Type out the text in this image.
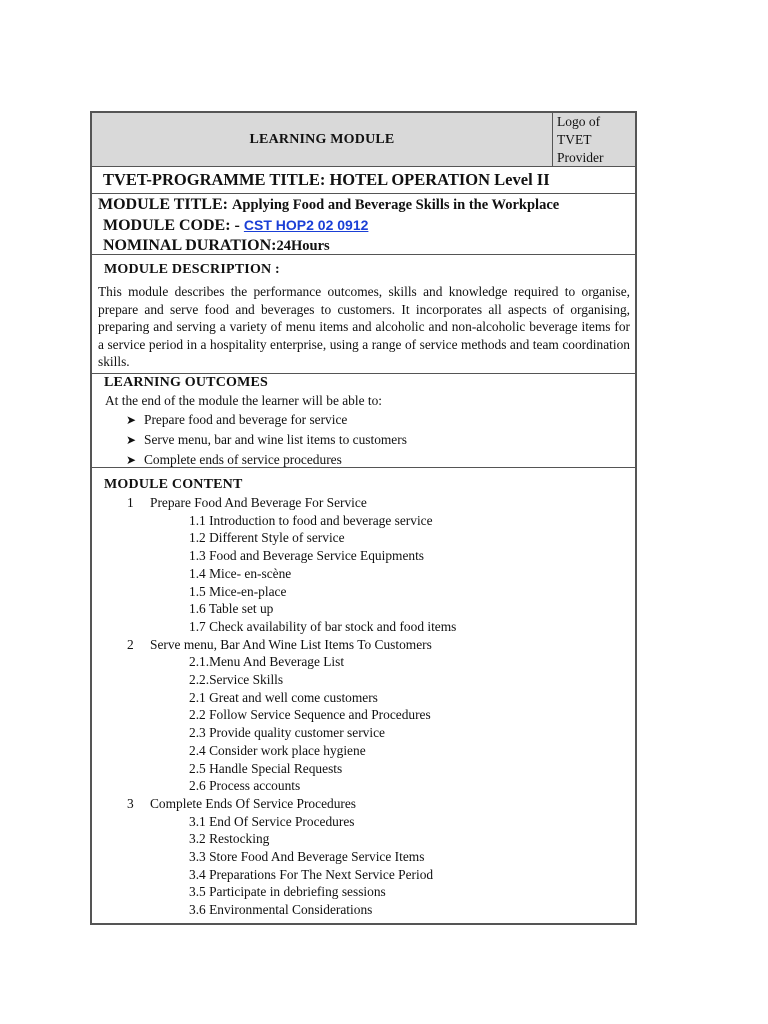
LEARNING MODULE
Logo of
TVET
Provider
TVET-PROGRAMME TITLE: HOTEL OPERATION Level II
MODULE TITLE: Applying Food and Beverage Skills in the Workplace
MODULE CODE: - CST HOP2 02 0912
NOMINAL DURATION:24Hours
MODULE DESCRIPTION :
This module describes the performance outcomes, skills and knowledge required to organise, prepare and serve food and beverages to customers. It incorporates all aspects of organising, preparing and serving a variety of menu items and alcoholic and non-alcoholic beverage items for a service period in a hospitality enterprise, using a range of service methods and team coordination skills.
LEARNING OUTCOMES
At the end of the module the learner will be able to:
➤ Prepare food and beverage for service
➤ Serve menu, bar and wine list items to customers
➤ Complete ends of service procedures
MODULE CONTENT
1	Prepare Food And Beverage For Service
1.1 Introduction to food and beverage service
1.2 Different Style of service
1.3 Food and Beverage Service Equipments
1.4 Mice- en-scène
1.5 Mice-en-place
1.6 Table set up
1.7 Check availability of bar stock and food items
2	Serve menu, Bar And Wine List Items To Customers
2.1.Menu And Beverage List
2.2.Service Skills
2.1 Great and well come customers
2.2 Follow Service Sequence and Procedures
2.3 Provide quality customer service
2.4 Consider work place hygiene
2.5 Handle Special Requests
2.6 Process accounts
3	Complete Ends Of Service Procedures
3.1 End Of Service Procedures
3.2 Restocking
3.3 Store Food And Beverage Service Items
3.4 Preparations For The Next Service Period
3.5 Participate in debriefing sessions
3.6 Environmental Considerations
